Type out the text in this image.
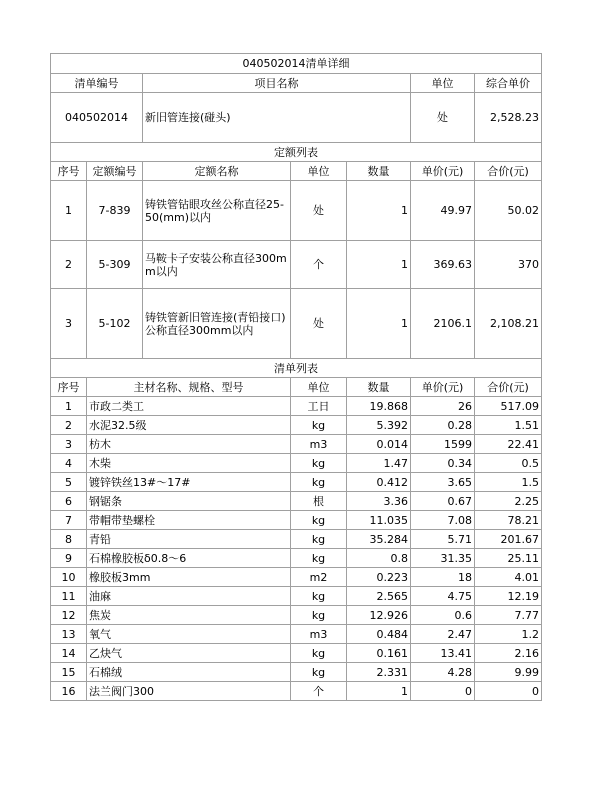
040502014清单详细						
清单编号		项目名称			单位	综合单价
040502014		新旧管连接(碰头)			处	2,528.23
定额列表						
序号	定额编号	定额名称	单位	数量	单价(元)	合价(元)
1	7-839	铸铁管钻眼攻丝公称直径25-50(mm)以内	处	1	49.97	50.02
2	5-309	马鞍卡子安装公称直径300mm以内	个	1	369.63	370
3	5-102	铸铁管新旧管连接(青铅接口)公称直径300mm以内	处	1	2106.1	2,108.21
清单列表						
序号	主材名称、规格、型号		单位	数量	单价(元)	合价(元)
1	市政二类工		工日	19.868	26	517.09
2	水泥32.5级		kg	5.392	0.28	1.51
3	枋木		m3	0.014	1599	22.41
4	木柴		kg	1.47	0.34	0.5
5	镀锌铁丝13#～17#		kg	0.412	3.65	1.5
6	钢锯条		根	3.36	0.67	2.25
7	带帽带垫螺栓		kg	11.035	7.08	78.21
8	青铅		kg	35.284	5.71	201.67
9	石棉橡胶板δ0.8～6		kg	0.8	31.35	25.11
10	橡胶板3mm		m2	0.223	18	4.01
11	油麻		kg	2.565	4.75	12.19
12	焦炭		kg	12.926	0.6	7.77
13	氧气		m3	0.484	2.47	1.2
14	乙炔气		kg	0.161	13.41	2.16
15	石棉绒		kg	2.331	4.28	9.99
16	法兰阀门300		个	1	0	0
